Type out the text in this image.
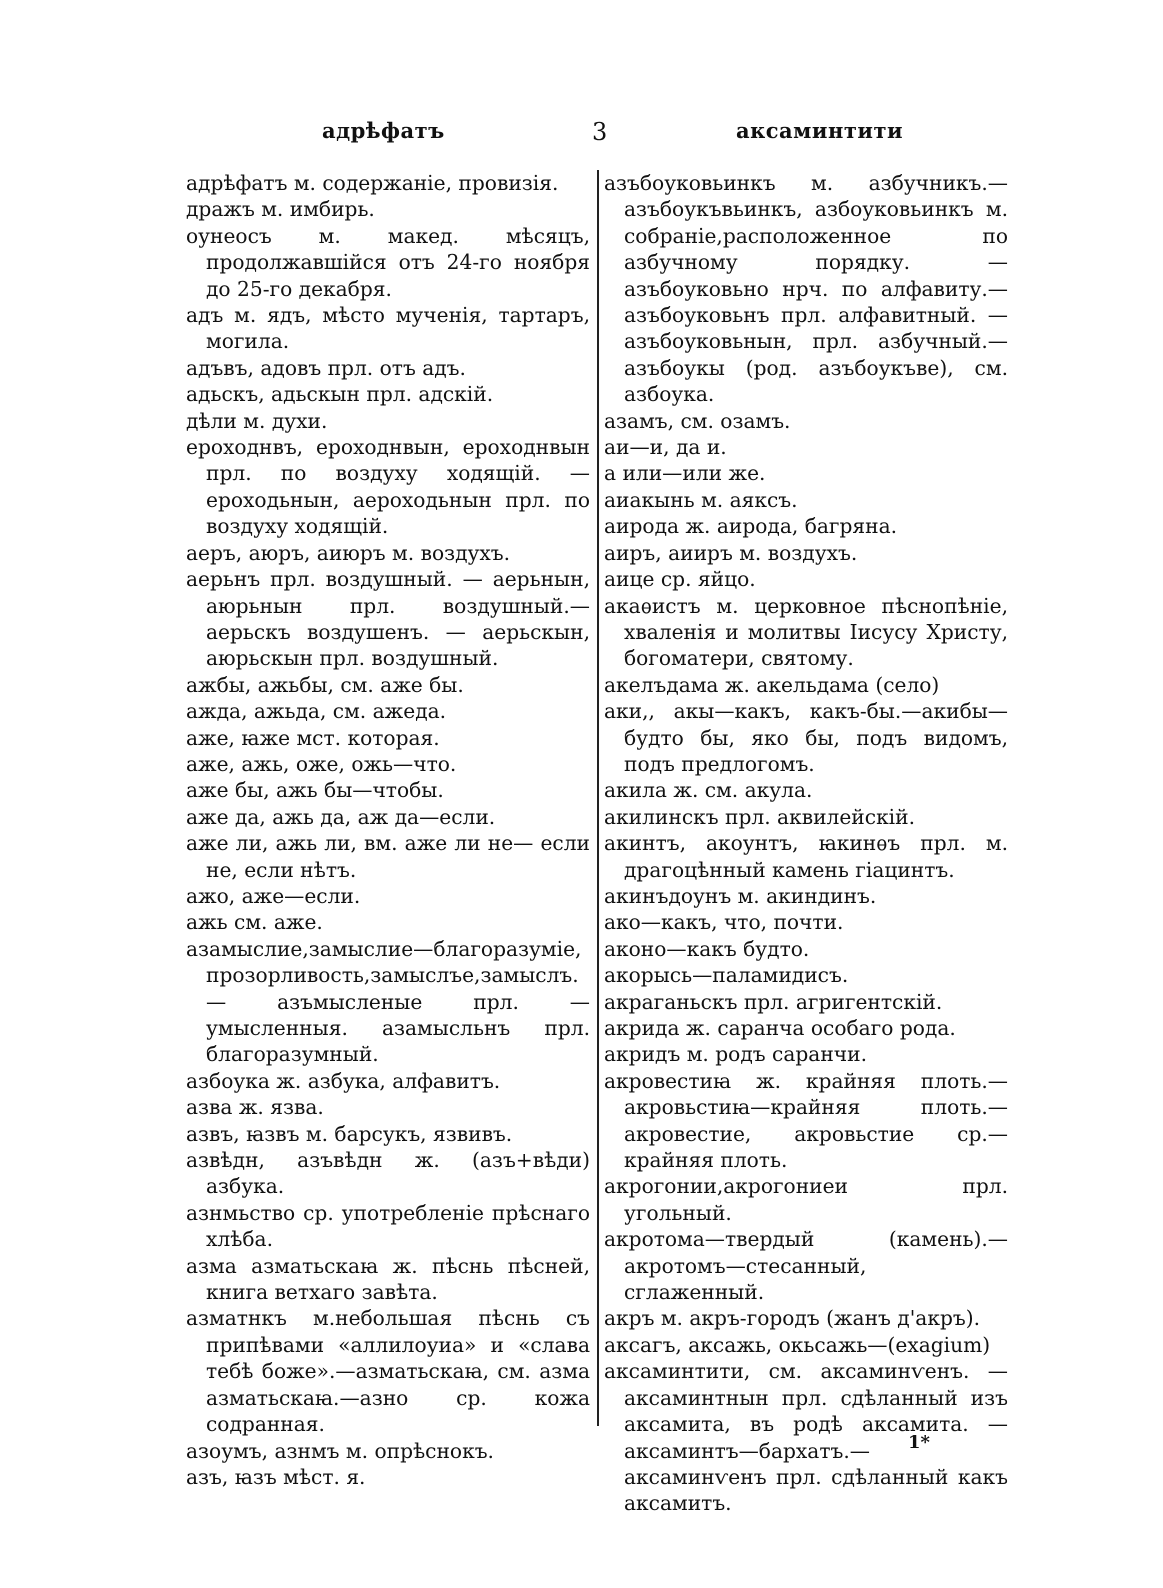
адрѣфатъ	3	аксаминтити
адрѣфатъ м. содержаніе, провизія.
дражъ м. имбирь.
оунеосъ м. макед. мѣсяцъ, продолжавшійся отъ 24-го ноября до 25-го декабря.
адъ м. ядъ, мѣсто мученія, тартаръ, могила.
адъвъ, адовъ прл. отъ адъ.
адьскъ, адьскын прл. адскій.
дѣли м. духи.
ероходнвъ, ероходнвын, ероходнвын прл. по воздуху ходящій. — ероходьнын, аероходьнын прл. по воздуху ходящій.
аеръ, аюръ, аиюръ м. воздухъ.
аерьнъ прл. воздушный. — аерьнын, аюрьнын прл. воздушный.—аерьскъ воздушенъ. — аерьскын, аюрьскын прл. воздушный.
ажбы, ажьбы, см. аже бы.
ажда, ажьда, см. ажеда.
аже, ꙗже мст. которая.
аже, ажь, оже, ожь—что.
аже бы, ажь бы—чтобы.
аже да, ажь да, аж да—если.
аже ли, ажь ли, вм. аже ли не— если не, если нѣтъ.
ажо, аже—если.
ажь см. аже.
азамыслие,замыслие—благоразуміе, прозорливость,замыслъе,замыслъ.— азъмысленые прл. — умысленныя. азамысльнъ прл. благоразумный.
азбоука ж. азбука, алфавитъ.
азва ж. язва.
азвъ, ꙗзвъ м. барсукъ, язвивъ.
азвѣдн, азъвѣдн ж. (азъ+вѣди) азбука.
азнмьство ср. употребленіе прѣснаго хлѣба.
азма азматьскаꙗ ж. пѣснь пѣсней, книга ветхаго завѣта.
азматнкъ м.небольшая пѣснь съ припѣвами «аллилоуиа» и «слава тебѣ боже».—азматьскаꙗ, см. азма азматьскаꙗ.—азно ср. кожа содранная.
азоумъ, азнмъ м. опрѣснокъ.
азъ, ꙗзъ мѣст. я.
азъбоуковьинкъ м. азбучникъ.—азъбоукъвьинкъ, азбоуковьинкъ м. собраніе,расположенное по азбучному порядку. — азъбоуковьно нрч. по алфавиту.—азъбоуковьнъ прл. алфавитный. — азъбоуковьнын, прл. азбучный.—азъбоукы (род. азъбоукъве), см. азбоукa.
азамъ, см. озамъ.
аи—и, да и.
а или—или же.
аиакынь м. аяксъ.
аирода ж. аирода, багряна.
аиръ, аииръ м. воздухъ.
аице ср. яйцо.
акаѳистъ м. церковное пѣснопѣніе, хваленія и молитвы Іисусу Христу, богоматери, святому.
акелъдама ж. акельдама (село)
аки,, акы—какъ, какъ-бы.—акибы— будто бы, яко бы, подъ видомъ, подъ предлогомъ.
акила ж. см. акула.
акилинскъ прл. аквилейскій.
акинтъ, акоунтъ, ꙗкинѳъ прл. м. драгоцѣнный камень гіацинтъ.
акинъдоунъ м. акиндинъ.
ако—какъ, что, почти.
аконо—какъ будто.
акорысь—паламидисъ.
акраганьскъ прл. агригентскій.
акрида ж. саранча особаго рода.
акридъ м. родъ саранчи.
акровестиꙗ ж. крайняя плоть.—акровьстиꙗ—крайняя плоть.—акровестие, акровьстие ср.—крайняя плоть.
акрогонии,акрогониеи прл. угольный.
акротома—твердый (камень).—акротомъ—стесанный, сглаженный.
акръ м. акръ-городъ (жанъ д'акръ).
аксагъ, аксажь, окьсажь—(exagium)
аксаминтити, см. аксаминѵенъ. —аксаминтнын прл. сдѣланный изъ аксамита, въ родѣ аксамита. — аксаминтъ—бархатъ.— аксаминѵенъ прл. сдѣланный какъ аксамитъ.
1*
